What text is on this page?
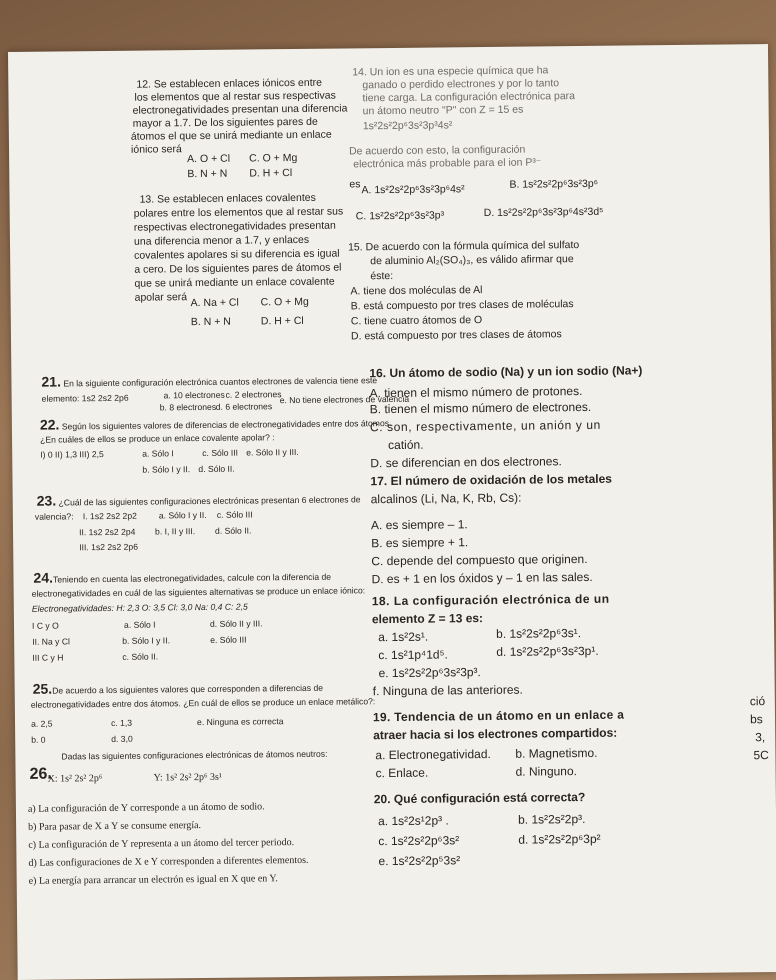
12. Se establecen enlaces iónicos entre
los elementos que al restar sus respectivas
electronegatividades presentan una diferencia
mayor a 1.7. De los siguientes pares de
átomos el que se unirá mediante un enlace
iónico será
A. O + Cl C. O + Mg
B. N + N D. H + Cl
13. Se establecen enlaces covalentes
polares entre los elementos que al restar sus
respectivas electronegatividades presentan
una diferencia menor a 1.7, y enlaces
covalentes apolares si su diferencia es igual
a cero. De los siguientes pares de átomos el
que se unirá mediante un enlace covalente
apolar será A. Na + Cl C. O + Mg
B. N + N	D. H + Cl
14. Un ion es una especie química que ha
ganado o perdido electrones y por lo tanto
tiene carga. La configuración electrónica para
un átomo neutro "P" con Z = 15 es
1s²2s²2p⁶3s²3p³4s²
De acuerdo con esto, la configuración
electrónica más probable para el ion P³⁻
es A. 1s²2s²2p⁶3s²3p⁶4s²	B. 1s²2s²2p⁶3s²3p⁶
C. 1s²2s²2p⁶3s²3p³	D. 1s²2s²2p⁶3s²3p⁶4s²3d⁵
15. De acuerdo con la fórmula química del sulfato
de aluminio Al₂(SO₄)₃, es válido afirmar que
éste:
A. tiene dos moléculas de Al
B. está compuesto por tres clases de moléculas
C. tiene cuatro átomos de O
D. está compuesto por tres clases de átomos
21. En la siguiente configuración electrónica cuantos electrones de valencia tiene este
elemento: 1s2 2s2 2p6	a. 10 electrones c. 2 electrones
e. No tiene electrones de valencia
b. 8 electrones d. 6 electrones
22. Según los siguientes valores de diferencias de electronegatividades entre dos átomos.
¿En cuáles de ellos se produce un enlace covalente apolar? :
I) 0 II) 1,3 III) 2,5	a. Sólo I	c. Sólo III e. Sólo II y III.
b. Sólo I y II. d. Sólo II.
23. ¿Cuál de las siguientes configuraciones electrónicas presentan 6 electrones de
valencia?: I. 1s2 2s2 2p2
II. 1s2 2s2 2p4
III. 1s2 2s2 2p6
a. Sólo I y II. c. Sólo III
b. I, II y III. d. Sólo II.
24.Teniendo en cuenta las electronegatividades, calcule con la diferencia de
electronegatividades en cuál de las siguientes alternativas se produce un enlace iónico:
Electronegatividades: H: 2,3 O: 3,5 Cl: 3,0 Na: 0,4 C: 2,5
I C y O
II. Na y Cl
III C y H
a. Sólo I	d. Sólo II y III.
b. Sólo I y II.	e. Sólo III
c. Sólo II.
25.De acuerdo a los siguientes valores que corresponden a diferencias de
electronegatividades entre dos átomos. ¿En cuál de ellos se produce un enlace metálico?:
a. 2,5	c. 1,3	e. Ninguna es correcta
b. 0	d. 3,0
Dadas las siguientes configuraciones electrónicas de átomos neutros:
26.
X: 1s² 2s² 2p⁶	Y: 1s² 2s² 2p⁶ 3s¹
a) La configuración de Y corresponde a un átomo de sodio.
b) Para pasar de X a Y se consume energía.
c) La configuración de Y representa a un átomo del tercer periodo.
d) Las configuraciones de X e Y corresponden a diferentes elementos.
e) La energía para arrancar un electrón es igual en X que en Y.
16. Un átomo de sodio (Na) y un ion sodio (Na+)
A. tienen el mismo número de protones.
B. tienen el mismo número de electrones.
C. son, respectivamente, un anión y un
catión.
D. se diferencian en dos electrones.
17. El número de oxidación de los metales
alcalinos (Li, Na, K, Rb, Cs):
A. es siempre – 1.
B. es siempre + 1.
C. depende del compuesto que originen.
D. es + 1 en los óxidos y – 1 en las sales.
18. La configuración electrónica de un
elemento Z = 13 es:
a. 1s²2s¹.	b. 1s²2s²2p⁶3s¹.
c. 1s²1p⁴1d⁵.	d. 1s²2s²2p⁶3s²3p¹.
e. 1s²2s²2p⁶3s²3p³.
f. Ninguna de las anteriores.
19. Tendencia de un átomo en un enlace a
atraer hacia si los electrones compartidos:
a. Electronegatividad. b. Magnetismo.
c. Enlace.	d. Ninguno.
20. Qué configuración está correcta?
a. 1s²2s¹2p³ .	b. 1s²2s²2p³.
c. 1s²2s²2p⁶3s²	d. 1s²2s²2p⁶3p²
e. 1s²2s²2p⁵3s²
ció
bs
3,
5C
